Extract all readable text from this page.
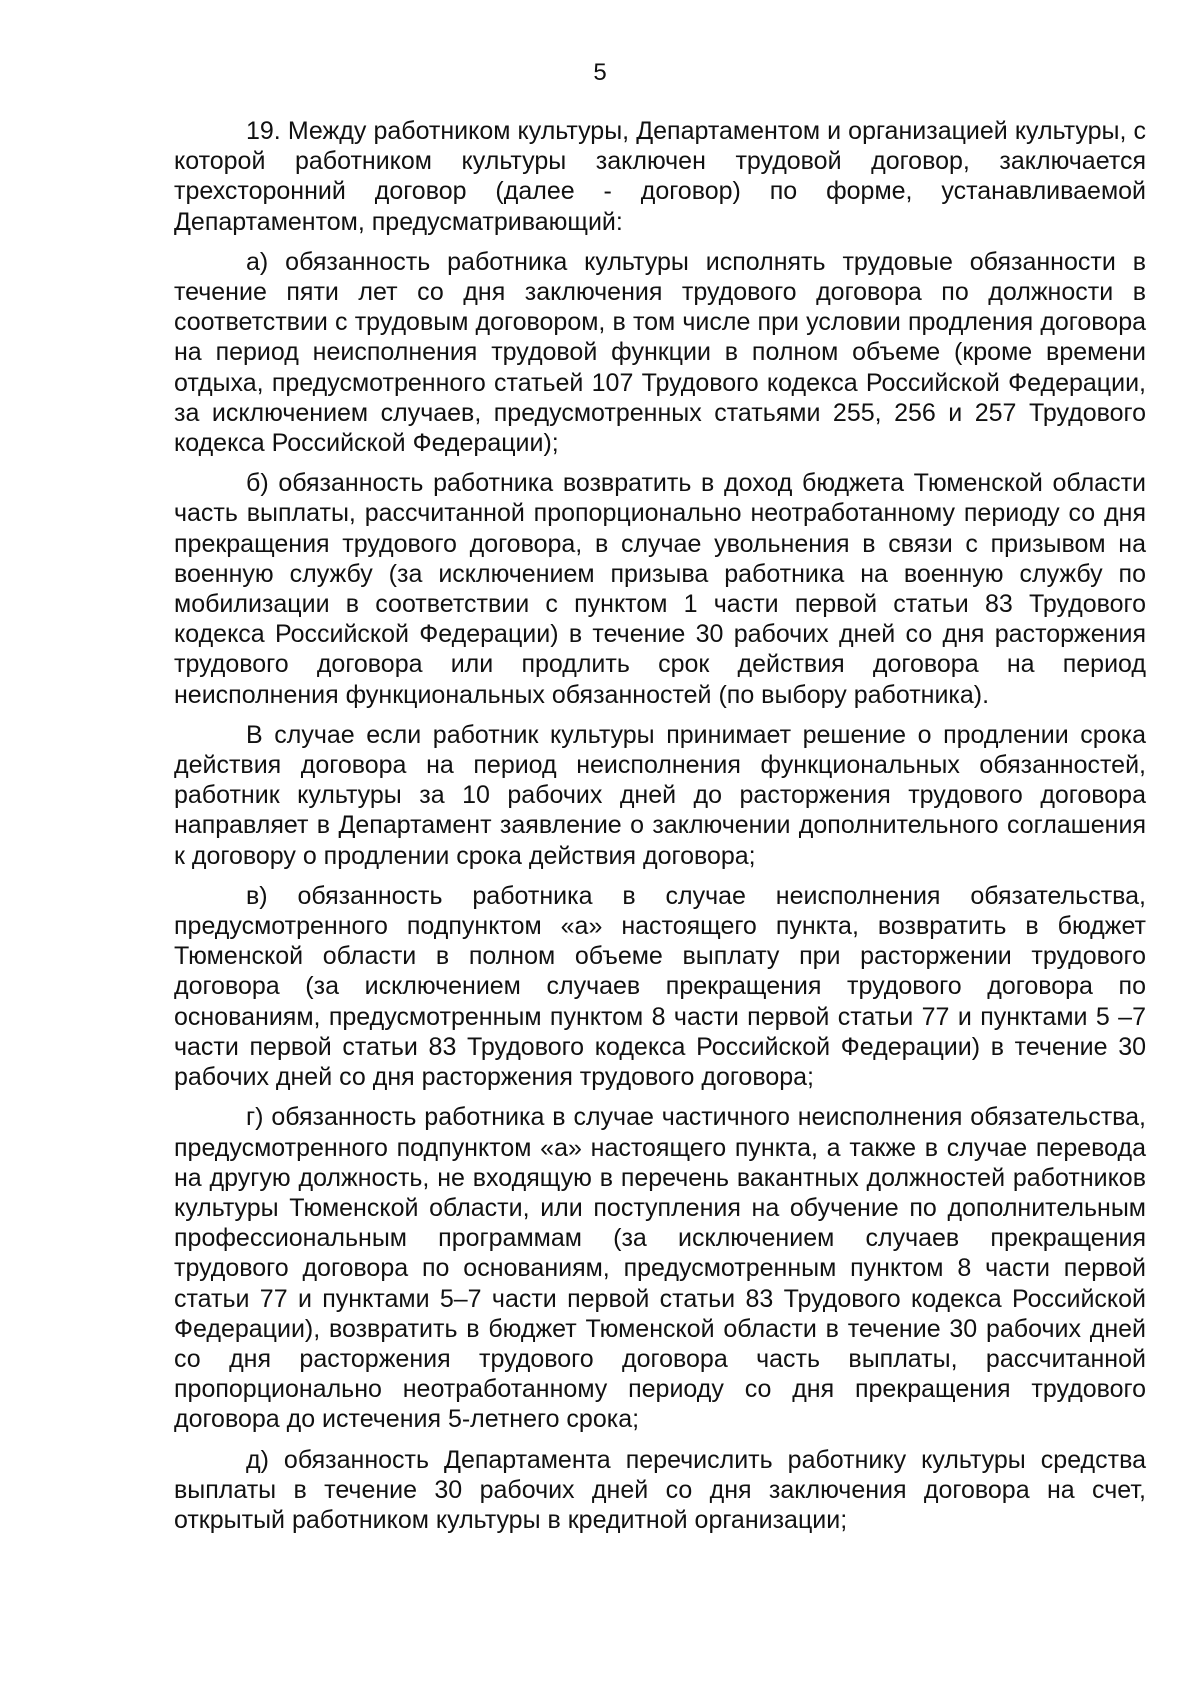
5

19. Между работником культуры, Департаментом и организацией культуры, с которой работником культуры заключен трудовой договор, заключается трехсторонний договор (далее - договор) по форме, устанавливаемой Департаментом, предусматривающий:

а) обязанность работника культуры исполнять трудовые обязанности в течение пяти лет со дня заключения трудового договора по должности в соответствии с трудовым договором, в том числе при условии продления договора на период неисполнения трудовой функции в полном объеме (кроме времени отдыха, предусмотренного статьей 107 Трудового кодекса Российской Федерации, за исключением случаев, предусмотренных статьями 255, 256 и 257 Трудового кодекса Российской Федерации);

б) обязанность работника возвратить в доход бюджета Тюменской области часть выплаты, рассчитанной пропорционально неотработанному периоду со дня прекращения трудового договора, в случае увольнения в связи с призывом на военную службу (за исключением призыва работника на военную службу по мобилизации в соответствии с пунктом 1 части первой статьи 83 Трудового кодекса Российской Федерации) в течение 30 рабочих дней со дня расторжения трудового договора или продлить срок действия договора на период неисполнения функциональных обязанностей (по выбору работника).

В случае если работник культуры принимает решение о продлении срока действия договора на период неисполнения функциональных обязанностей, работник культуры за 10 рабочих дней до расторжения трудового договора направляет в Департамент заявление о заключении дополнительного соглашения к договору о продлении срока действия договора;

в) обязанность работника в случае неисполнения обязательства, предусмотренного подпунктом «а» настоящего пункта, возвратить в бюджет Тюменской области в полном объеме выплату при расторжении трудового договора (за исключением случаев прекращения трудового договора по основаниям, предусмотренным пунктом 8 части первой статьи 77 и пунктами 5 –7 части первой статьи 83 Трудового кодекса Российской Федерации) в течение 30 рабочих дней со дня расторжения трудового договора;

г) обязанность работника в случае частичного неисполнения обязательства, предусмотренного подпунктом «а» настоящего пункта, а также в случае перевода на другую должность, не входящую в перечень вакантных должностей работников культуры Тюменской области, или поступления на обучение по дополнительным профессиональным программам (за исключением случаев прекращения трудового договора по основаниям, предусмотренным пунктом 8 части первой статьи 77 и пунктами 5–7 части первой статьи 83 Трудового кодекса Российской Федерации), возвратить в бюджет Тюменской области в течение 30 рабочих дней со дня расторжения трудового договора часть выплаты, рассчитанной пропорционально неотработанному периоду со дня прекращения трудового договора до истечения 5-летнего срока;

д) обязанность Департамента перечислить работнику культуры средства выплаты в течение 30 рабочих дней со дня заключения договора на счет, открытый работником культуры в кредитной организации;
